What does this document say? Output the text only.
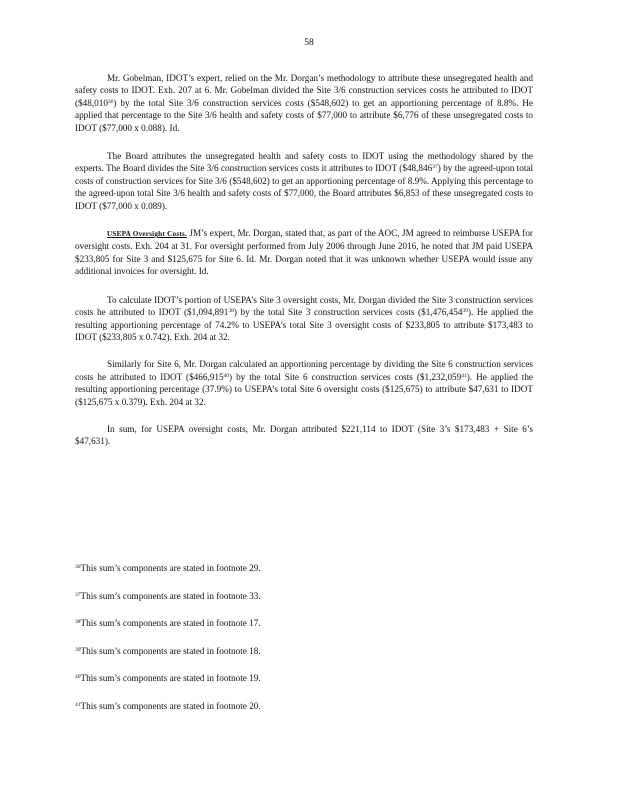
58

Mr. Gobelman, IDOT’s expert, relied on the Mr. Dorgan’s methodology to attribute these unsegregated health and safety costs to IDOT. Exh. 207 at 6. Mr. Gobelman divided the Site 3/6 construction services costs he attributed to IDOT ($48,010$^{36}$) by the total Site 3/6 construction services costs ($548,602) to get an apportioning percentage of 8.8%. He applied that percentage to the Site 3/6 health and safety costs of $77,000 to attribute $6,776 of these unsegregated costs to IDOT ($77,000 x 0.088). Id.

The Board attributes the unsegregated health and safety costs to IDOT using the methodology shared by the experts. The Board divides the Site 3/6 construction services costs it attributes to IDOT ($48,846$^{37}$) by the agreed-upon total costs of construction services for Site 3/6 ($548,602) to get an apportioning percentage of 8.9%. Applying this percentage to the agreed-upon total Site 3/6 health and safety costs of $77,000, the Board attributes $6,853 of these unsegregated costs to IDOT ($77,000 x 0.089).

USEPA Oversight Costs. JM’s expert, Mr. Dorgan, stated that, as part of the AOC, JM agreed to reimburse USEPA for oversight costs. Exh. 204 at 31. For oversight performed from July 2006 through June 2016, he noted that JM paid USEPA $233,805 for Site 3 and $125,675 for Site 6. Id. Mr. Dorgan noted that it was unknown whether USEPA would issue any additional invoices for oversight. Id.

To calculate IDOT’s portion of USEPA’s Site 3 oversight costs, Mr. Dorgan divided the Site 3 construction services costs he attributed to IDOT ($1,094,891$^{38}$) by the total Site 3 construction services costs ($1,476,454$^{39}$). He applied the resulting apportioning percentage of 74.2% to USEPA’s total Site 3 oversight costs of $233,805 to attribute $173,483 to IDOT ($233,805 x 0.742). Exh. 204 at 32.

Similarly for Site 6, Mr. Dorgan calculated an apportioning percentage by dividing the Site 6 construction services costs he attributed to IDOT ($466,915$^{40}$) by the total Site 6 construction services costs ($1,232,059$^{41}$). He applied the resulting apportioning percentage (37.9%) to USEPA’s total Site 6 oversight costs ($125,675) to attribute $47,631 to IDOT ($125,675 x 0.379). Exh. 204 at 32.

In sum, for USEPA oversight costs, Mr. Dorgan attributed $221,114 to IDOT (Site 3’s $173,483 + Site 6’s $47,631).

$^{36}$This sum’s components are stated in footnote 29.
$^{37}$This sum’s components are stated in footnote 33.
$^{38}$This sum’s components are stated in footnote 17.
$^{39}$This sum’s components are stated in footnote 18.
$^{40}$This sum’s components are stated in footnote 19.
$^{41}$This sum’s components are stated in footnote 20.
